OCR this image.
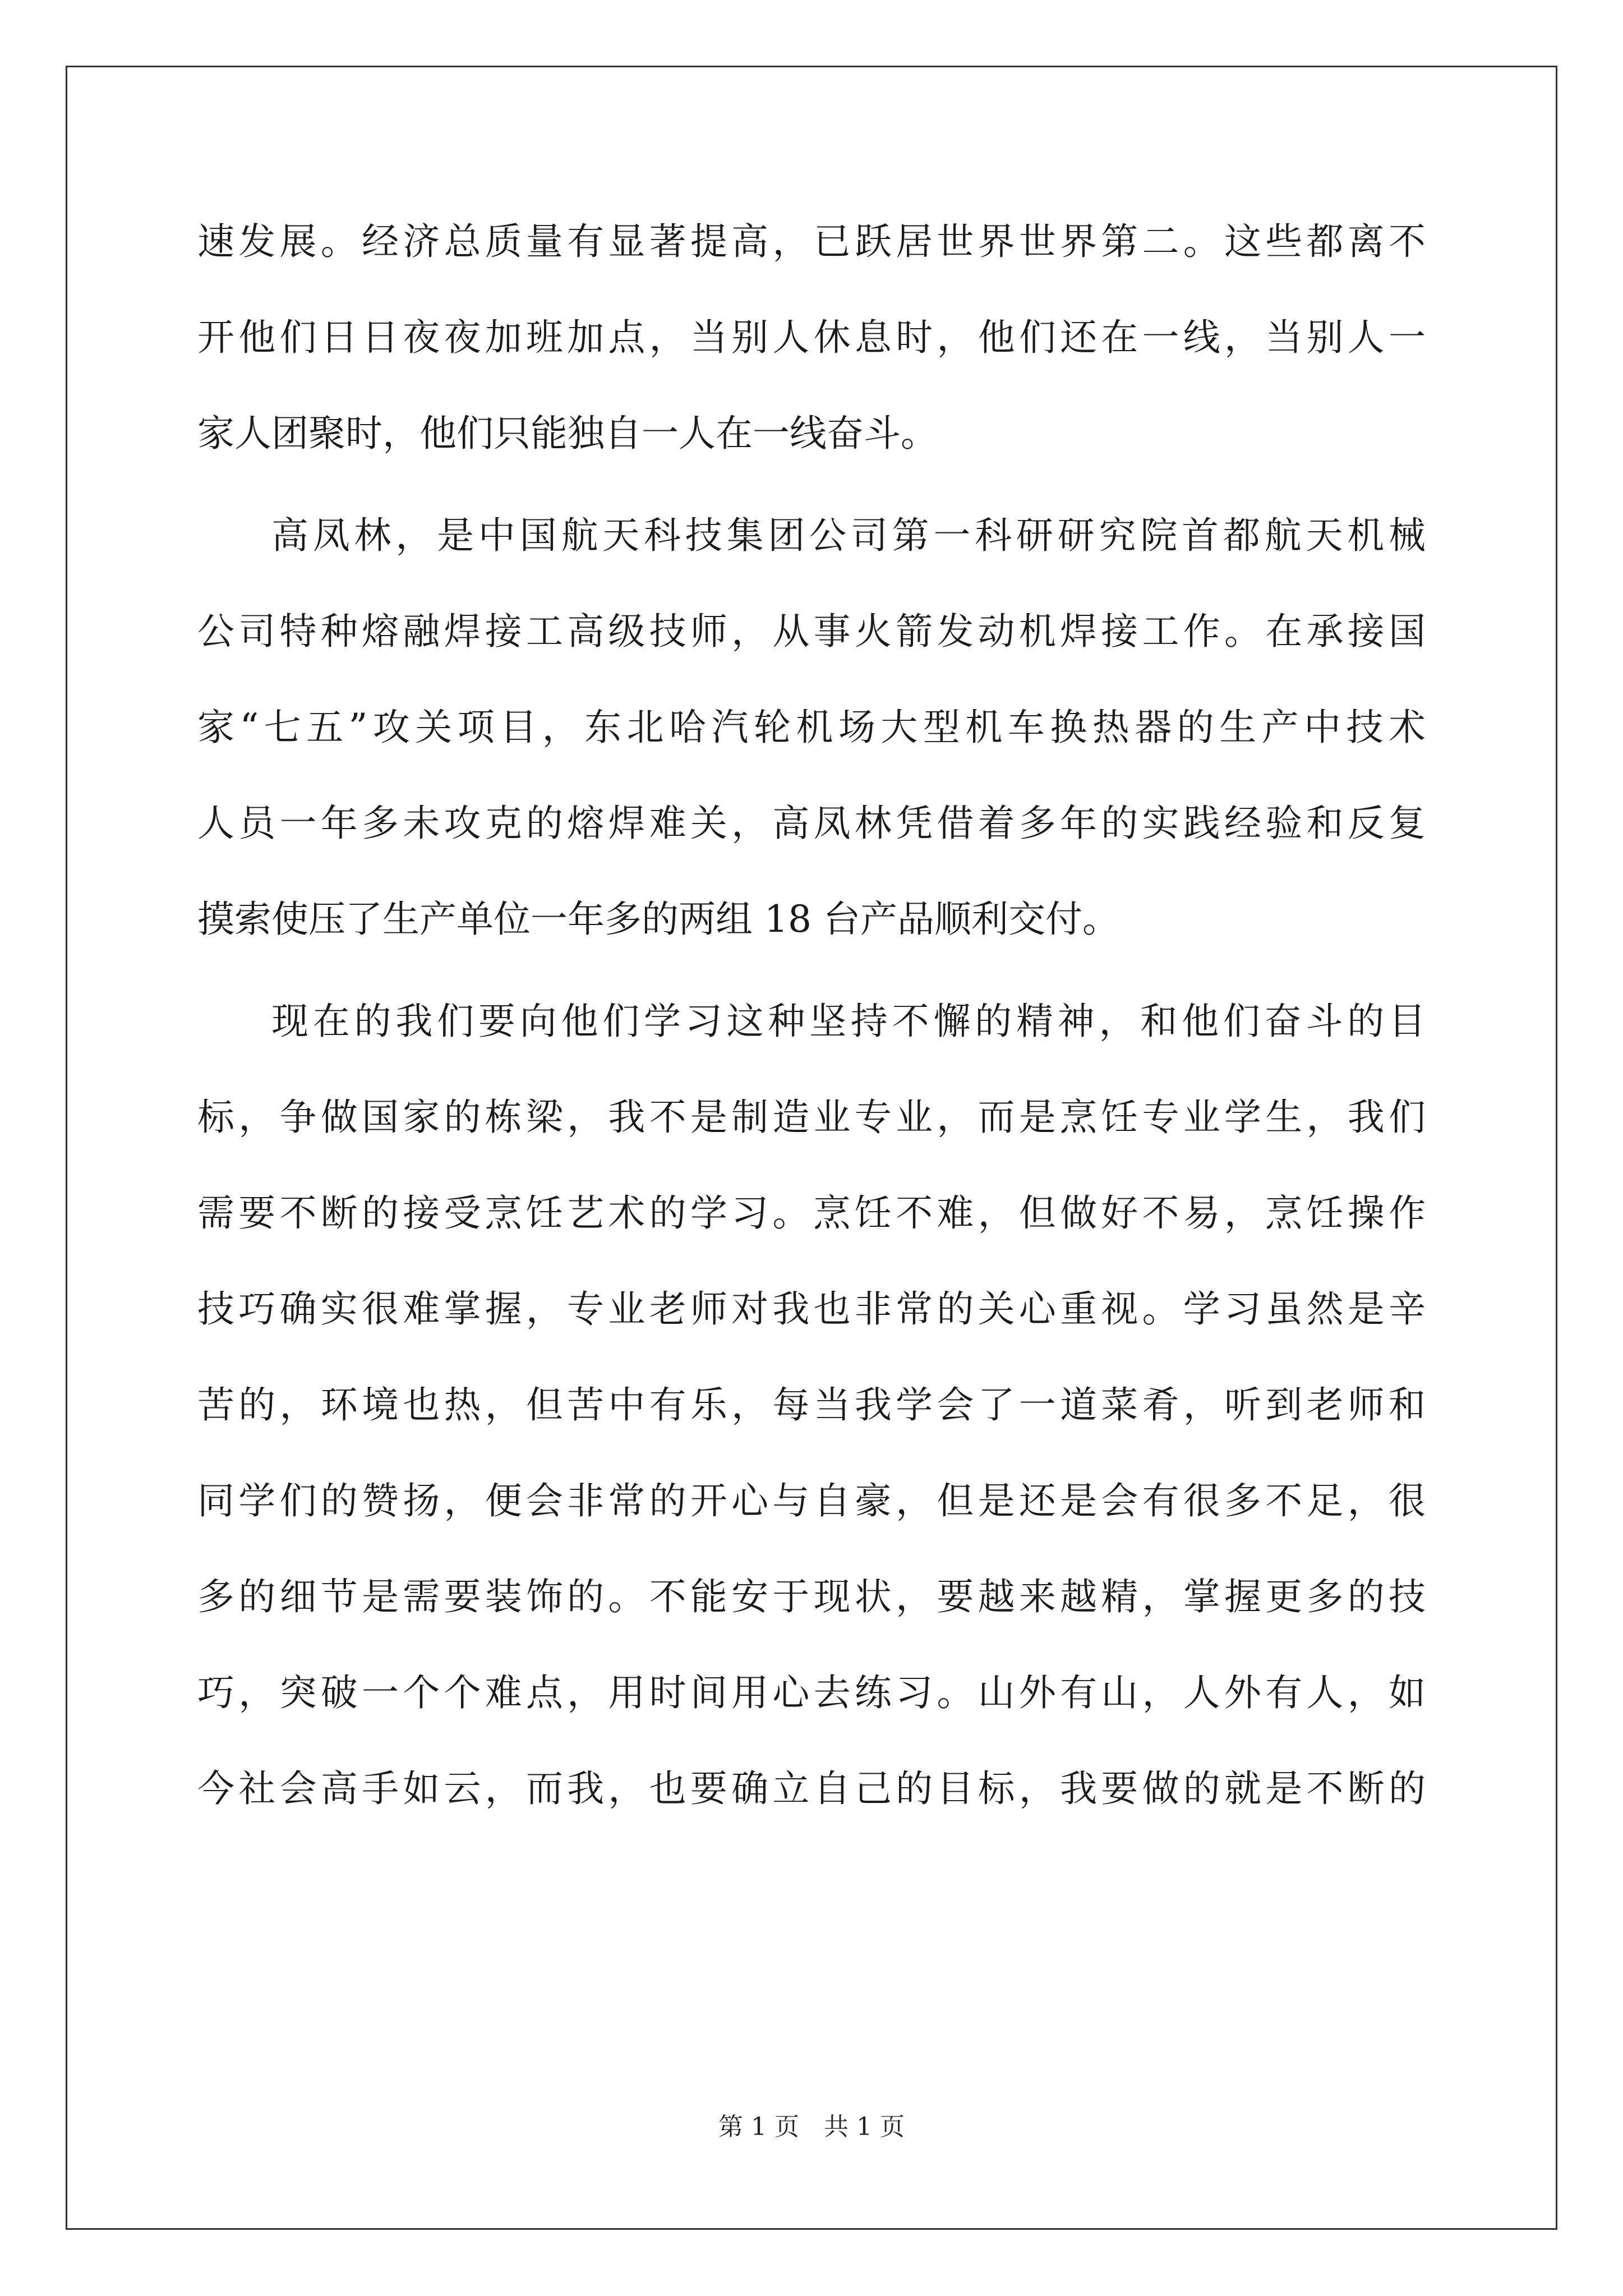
速发展。经济总质量有显著提高，已跃居世界世界第二。这些都离不
开他们日日夜夜加班加点，当别人休息时，他们还在一线，当别人一
家人团聚时，他们只能独自一人在一线奋斗。
高凤林，是中国航天科技集团公司第一科研研究院首都航天机械
公司特种熔融焊接工高级技师，从事火箭发动机焊接工作。在承接国
家“七五”攻关项目，东北哈汽轮机场大型机车换热器的生产中技术
人员一年多未攻克的熔焊难关，高凤林凭借着多年的实践经验和反复
摸索使压了生产单位一年多的两组 18 台产品顺利交付。
现在的我们要向他们学习这种坚持不懈的精神，和他们奋斗的目
标，争做国家的栋梁，我不是制造业专业，而是烹饪专业学生，我们
需要不断的接受烹饪艺术的学习。烹饪不难，但做好不易，烹饪操作
技巧确实很难掌握，专业老师对我也非常的关心重视。学习虽然是辛
苦的，环境也热，但苦中有乐，每当我学会了一道菜肴，听到老师和
同学们的赞扬，便会非常的开心与自豪，但是还是会有很多不足，很
多的细节是需要装饰的。不能安于现状，要越来越精，掌握更多的技
巧，突破一个个难点，用时间用心去练习。山外有山，人外有人，如
今社会高手如云，而我，也要确立自己的目标，我要做的就是不断的
第 1 页 共 1 页
